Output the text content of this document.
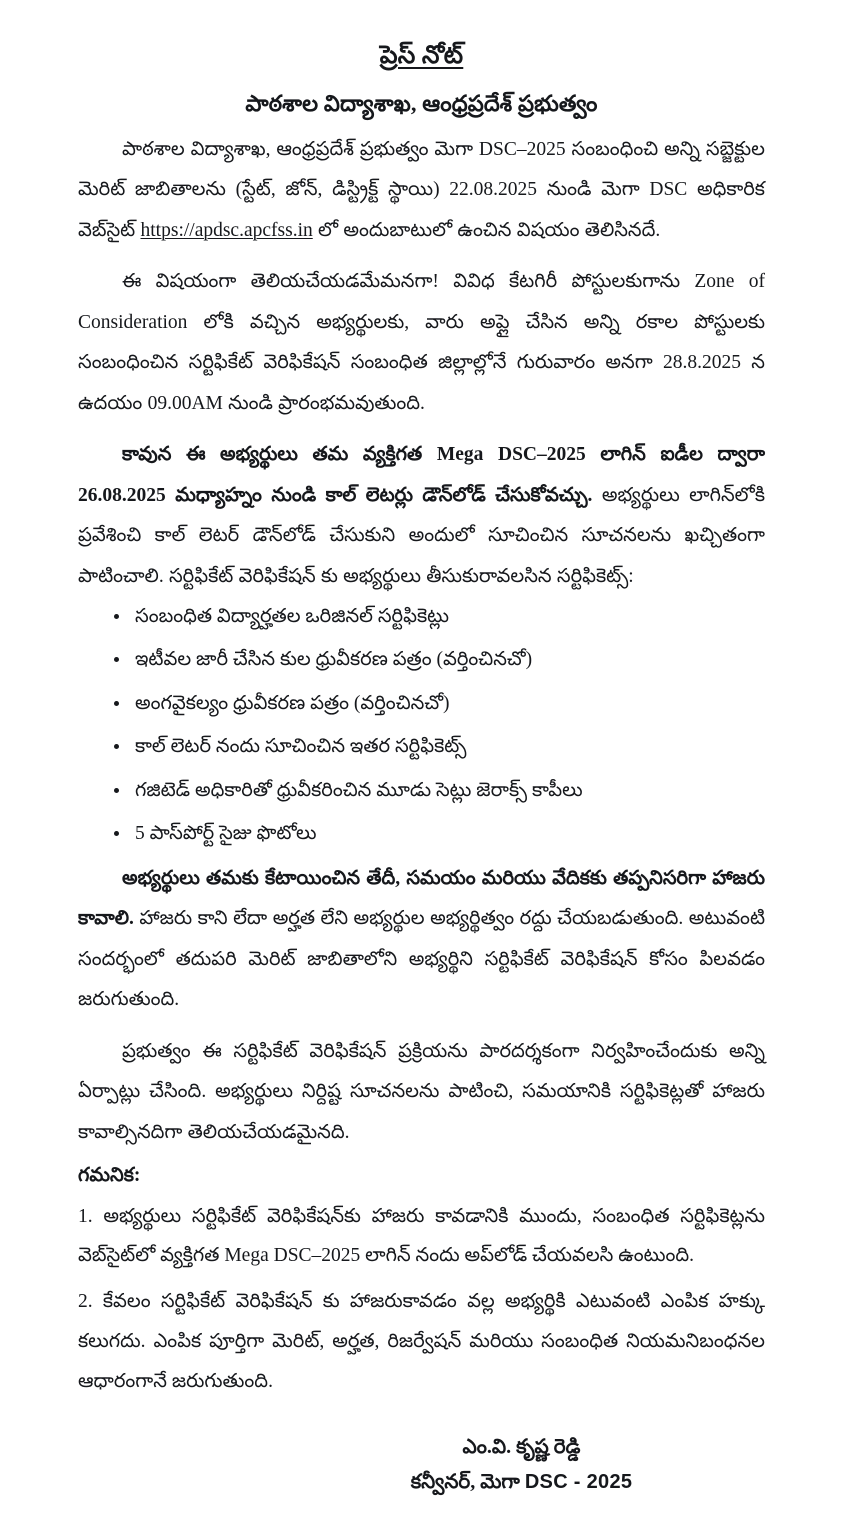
ప్రెస్ నోట్
పాఠశాల విద్యాశాఖ, ఆంధ్రప్రదేశ్ ప్రభుత్వం

పాఠశాల విద్యాశాఖ, ఆంధ్రప్రదేశ్ ప్రభుత్వం మెగా DSC–2025 సంబంధించి అన్ని సబ్జెక్టుల మెరిట్ జాబితాలను (స్టేట్, జోన్, డిస్ట్రిక్ట్ స్థాయి) 22.08.2025 నుండి మెగా DSC అధికారిక వెబ్‌సైట్ https://apdsc.apcfss.in లో అందుబాటులో ఉంచిన విషయం తెలిసినదే.

ఈ విషయంగా తెలియచేయడమేమనగా! వివిధ కేటగిరీ పోస్టులకుగాను Zone of Consideration లోకి వచ్చిన అభ్యర్థులకు, వారు అప్లై చేసిన అన్ని రకాల పోస్టులకు సంబంధించిన సర్టిఫికేట్ వెరిఫికేషన్ సంబంధిత జిల్లాల్లోనే గురువారం అనగా 28.8.2025 న ఉదయం 09.00AM నుండి ప్రారంభమవుతుంది.

కావున ఈ అభ్యర్థులు తమ వ్యక్తిగత Mega DSC–2025 లాగిన్ ఐడీల ద్వారా 26.08.2025 మధ్యాహ్నం నుండి కాల్ లెటర్లు డౌన్‌లోడ్ చేసుకోవచ్చు. అభ్యర్థులు లాగిన్‌లోకి ప్రవేశించి కాల్ లెటర్ డౌన్‌లోడ్ చేసుకుని అందులో సూచించిన సూచనలను ఖచ్చితంగా పాటించాలి. సర్టిఫికేట్ వెరిఫికేషన్ కు అభ్యర్థులు తీసుకురావలసిన సర్టిఫికెట్స్:

సంబంధిత విద్యార్హతల ఒరిజినల్ సర్టిఫికెట్లు
ఇటీవల జారీ చేసిన కుల ధ్రువీకరణ పత్రం (వర్తించినచో)
అంగవైకల్యం ధ్రువీకరణ పత్రం (వర్తించినచో)
కాల్ లెటర్ నందు సూచించిన ఇతర సర్టిఫికెట్స్
గజిటెడ్ అధికారితో ధ్రువీకరించిన మూడు సెట్లు జెరాక్స్ కాపీలు
5 పాస్‌పోర్ట్ సైజు ఫొటోలు

అభ్యర్థులు తమకు కేటాయించిన తేదీ, సమయం మరియు వేదికకు తప్పనిసరిగా హాజరు కావాలి. హాజరు కాని లేదా అర్హత లేని అభ్యర్థుల అభ్యర్థిత్వం రద్దు చేయబడుతుంది. అటువంటి సందర్భంలో తదుపరి మెరిట్ జాబితాలోని అభ్యర్థిని సర్టిఫికేట్ వెరిఫికేషన్ కోసం పిలవడం జరుగుతుంది.

ప్రభుత్వం ఈ సర్టిఫికేట్ వెరిఫికేషన్ ప్రక్రియను పారదర్శకంగా నిర్వహించేందుకు అన్ని ఏర్పాట్లు చేసింది. అభ్యర్థులు నిర్దిష్ట సూచనలను పాటించి, సమయానికి సర్టిఫికెట్లతో హాజరు కావాల్సినదిగా తెలియచేయడమైనది.

గమనిక:

1. అభ్యర్థులు సర్టిఫికేట్ వెరిఫికేషన్‌కు హాజరు కావడానికి ముందు, సంబంధిత సర్టిఫికెట్లను వెబ్‌సైట్‌లో వ్యక్తిగత Mega DSC–2025 లాగిన్ నందు అప్‌లోడ్ చేయవలసి ఉంటుంది.

2. కేవలం సర్టిఫికేట్ వెరిఫికేషన్ కు హాజరుకావడం వల్ల అభ్యర్థికి ఎటువంటి ఎంపిక హక్కు కలుగదు. ఎంపిక పూర్తిగా మెరిట్, అర్హత, రిజర్వేషన్ మరియు సంబంధిత నియమనిబంధనల ఆధారంగానే జరుగుతుంది.

ఎం.వి. కృష్ణ రెడ్డి
కన్వీనర్, మెగా DSC - 2025
